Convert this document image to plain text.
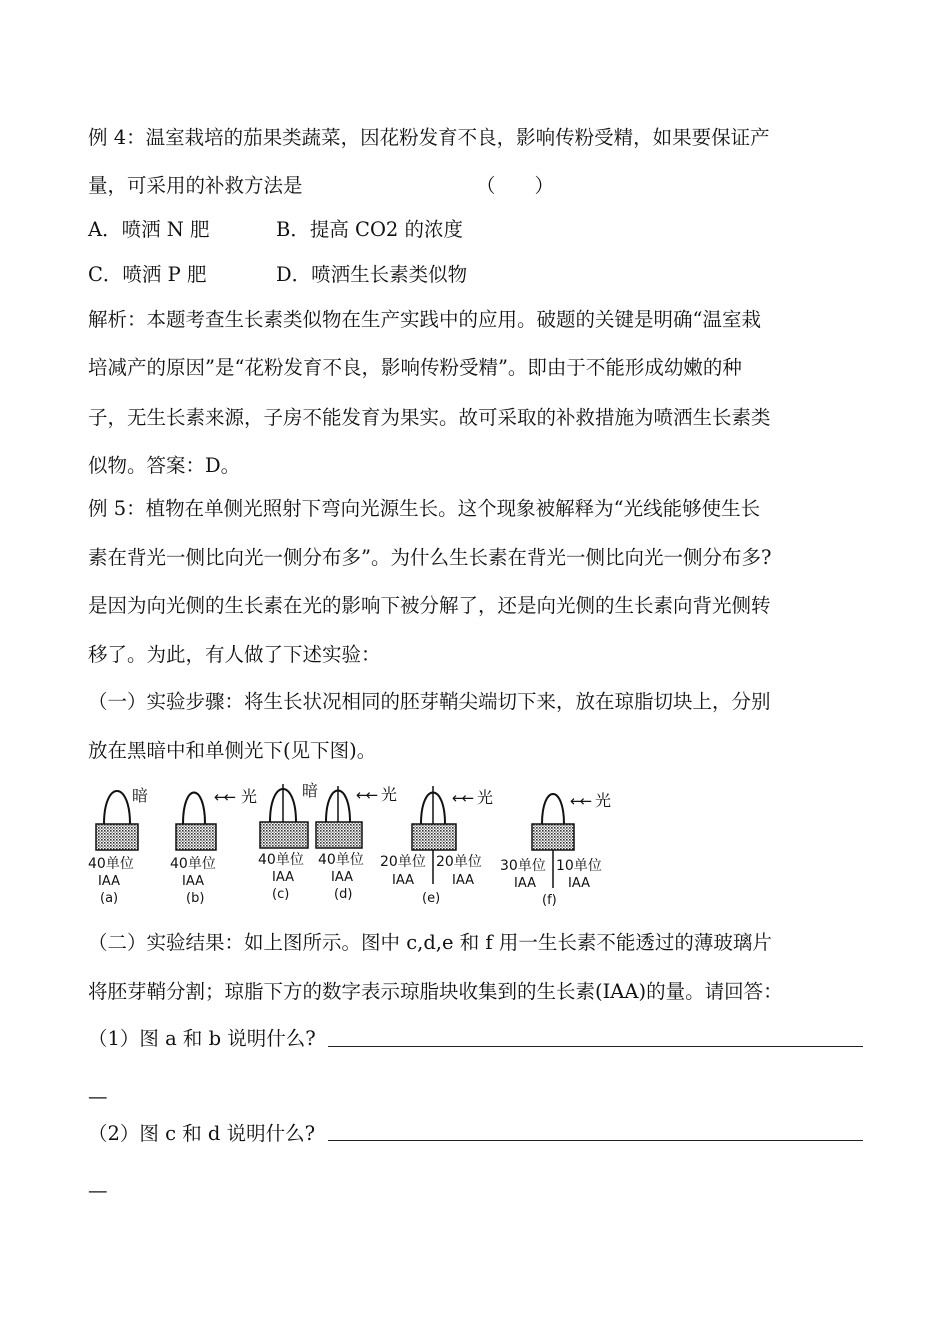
例 4：温室栽培的茄果类蔬菜，因花粉发育不良，影响传粉受精，如果要保证产
量，可采用的补救方法是	（　　）
A．喷洒 N 肥	B．提高 CO2 的浓度
C．喷洒 P 肥	D．喷洒生长素类似物
解析：本题考查生长素类似物在生产实践中的应用。破题的关键是明确“温室栽
培减产的原因”是“花粉发育不良，影响传粉受精”。即由于不能形成幼嫩的种
子，无生长素来源，子房不能发育为果实。故可采取的补救措施为喷洒生长素类
似物。答案：D。
例 5：植物在单侧光照射下弯向光源生长。这个现象被解释为“光线能够使生长
素在背光一侧比向光一侧分布多”。为什么生长素在背光一侧比向光一侧分布多?
是因为向光侧的生长素在光的影响下被分解了，还是向光侧的生长素向背光侧转
移了。为此，有人做了下述实验：
（一）实验步骤：将生长状况相同的胚芽鞘尖端切下来，放在琼脂切块上，分别
放在黑暗中和单侧光下(见下图)。
暗
40单位
IAA
(a)
←← 光
40单位
IAA
(b)
暗
40单位
IAA
(c)
←← 光
40单位
IAA
(d)
←← 光
20单位 20单位
IAA	IAA
(e)
←← 光
30单位 10单位
IAA IAA
(f)
（二）实验结果：如上图所示。图中 c,d,e 和 f 用一生长素不能透过的薄玻璃片
将胚芽鞘分割；琼脂下方的数字表示琼脂块收集到的生长素(IAA)的量。请回答：
（1）图 a 和 b 说明什么?
—
（2）图 c 和 d 说明什么?
—
